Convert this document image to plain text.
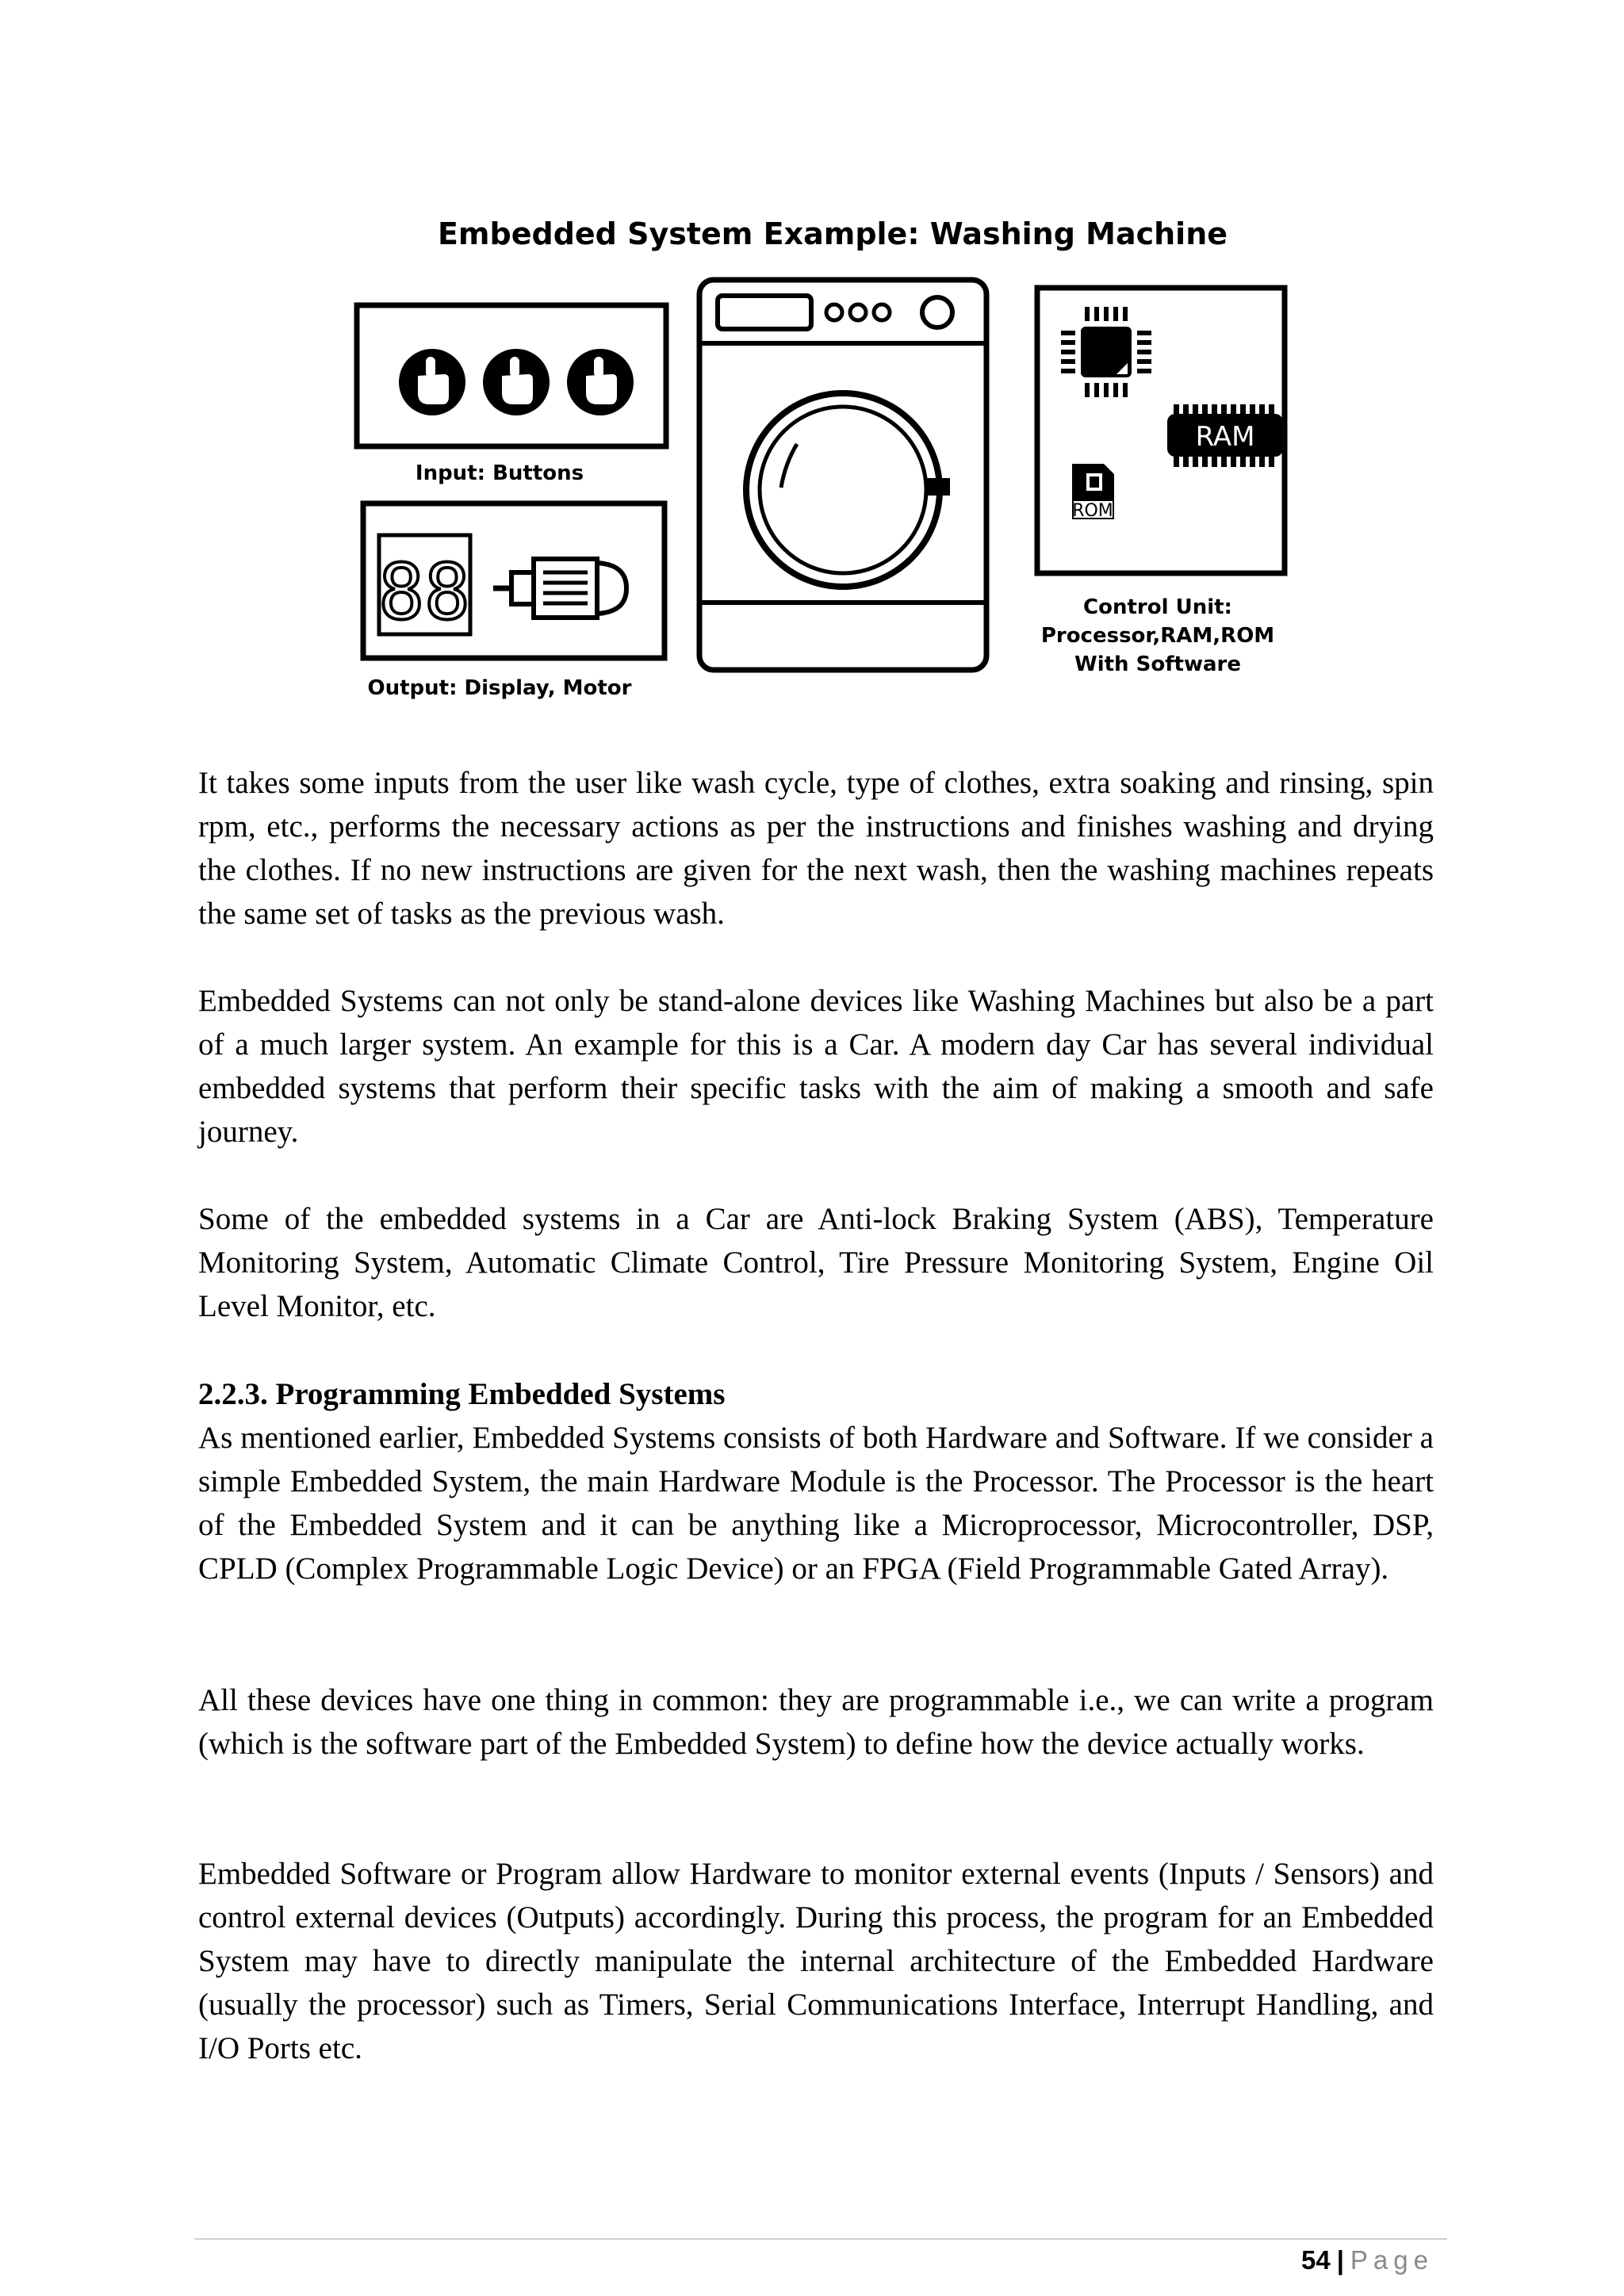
Embedded System Example: Washing Machine
Input: Buttons
88
Output: Display, Motor
RAM
ROM
Control Unit:
Processor,RAM,ROM
With Software

It takes some inputs from the user like wash cycle, type of clothes, extra soaking and rinsing, spin rpm, etc., performs the necessary actions as per the instructions and finishes washing and drying the clothes. If no new instructions are given for the next wash, then the washing machines repeats the same set of tasks as the previous wash.

Embedded Systems can not only be stand-alone devices like Washing Machines but also be a part of a much larger system. An example for this is a Car. A modern day Car has several individual embedded systems that perform their specific tasks with the aim of making a smooth and safe journey.

Some of the embedded systems in a Car are Anti-lock Braking System (ABS), Temperature Monitoring System, Automatic Climate Control, Tire Pressure Monitoring System, Engine Oil Level Monitor, etc.

2.2.3. Programming Embedded Systems

As mentioned earlier, Embedded Systems consists of both Hardware and Software. If we consider a simple Embedded System, the main Hardware Module is the Processor. The Processor is the heart of the Embedded System and it can be anything like a Microprocessor, Microcontroller, DSP, CPLD (Complex Programmable Logic Device) or an FPGA (Field Programmable Gated Array).

All these devices have one thing in common: they are programmable i.e., we can write a program (which is the software part of the Embedded System) to define how the device actually works.

Embedded Software or Program allow Hardware to monitor external events (Inputs / Sensors) and control external devices (Outputs) accordingly. During this process, the program for an Embedded System may have to directly manipulate the internal architecture of the Embedded Hardware (usually the processor) such as Timers, Serial Communications Interface, Interrupt Handling, and I/O Ports etc.

54 | Page
